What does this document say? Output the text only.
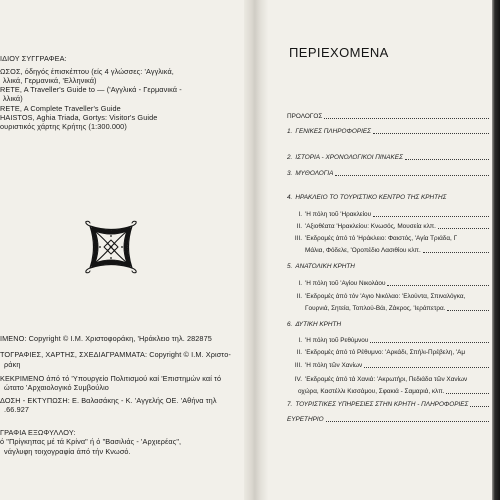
ΙΔΙΟΥ ΣΥΓΓΡΑΦΕΑ:
ΩΣΟΣ, όδηγός έπισκέπτου (είς 4 γλώσσες: 'Αγγλικά,
λλικά, Γερμανικά, 'Ελληνικά)
RETE, A Traveller's Guide to — ('Αγγλικά - Γερμανικά -
λλικά)
RETE, A Complete Traveller's Guide
HAISTOS, Aghia Triada, Gortys: Visitor's Guide
ουριστικός χάρτης Κρήτης (1:300.000)
ΙΜΕΝΟ: Copyright © Ι.Μ. Χριστοφοράκη, 'Ηράκλειο τηλ. 282875
ΤΟΓΡΑΦΙΕΣ, ΧΑΡΤΗΣ, ΣΧΕΔΙΑΓΡΑΜΜΑΤΑ: Copyright © Ι.Μ. Χριστο-
ράκη
ΚΕΚΡΙΜΕΝΟ άπό τό 'Υπουργείο Πολιτισμού καί 'Επιστημών καί τό
ώτατο 'Αρχαιολογικό Συμβούλιο
ΔΟΣΗ - ΕΚΤΥΠΩΣΗ: Ε. Βαλασάκης - Κ. 'Αγγελής ΟΕ. 'Αθήνα τηλ
.66.927
ΓΡΑΦΙΑ ΕΞΩΦΥΛΛΟΥ:
ό "Πρίγκηπας μέ τά Κρίνα" ή ό "Βασιλιάς - 'Αρχιερέας",
νάγλυφη τοιχογραφία άπό τήν Κνωσό.
ΠΕΡΙΕΧΟΜΕΝΑ
ΠΡΟΛΟΓΟΣ
1. ΓΕΝΙΚΕΣ ΠΛΗΡΟΦΟΡΙΕΣ
2. ΙΣΤΟΡΙΑ - ΧΡΟΝΟΛΟΓΙΚΟΙ ΠΙΝΑΚΕΣ
3. ΜΥΘΟΛΟΓΙΑ
4. ΗΡΑΚΛΕΙΟ ΤΟ ΤΟΥΡΙΣΤΙΚΟ ΚΕΝΤΡΟ ΤΗΣ ΚΡΗΤΗΣ
I. 'Η πόλη τοῦ 'Ηρακλείου
II. 'Αξιοθέατα 'Ηρακλείου: Κνωσός, Μουσεία κλπ.
III. 'Εκδρομές άπό τό 'Ηράκλειο: Φαιστός, 'Αγία Τριάδα, Γ
Μάλια, Φόδελε, 'Οροπέδιο Λασιθίου κλπ.
5. ΑΝΑΤΟΛΙΚΗ ΚΡΗΤΗ
I. 'Η πόλη τοῦ 'Αγίου Νικολάου
II. 'Εκδρομές άπό τόν 'Αγιο Νικόλαο: 'Ελούντα, Σπιναλόγκα,
Γουρνιά, Σητεία, Τοπλού-Βάι, Ζάκρος, 'Ιεράπετρα.
6. ΔΥΤΙΚΗ ΚΡΗΤΗ
I. 'Η πόλη τοῦ Ρεθύμνου
II. 'Εκδρομές άπό τό Ρέθυμνο: 'Αρκάδι, Σπήλι-Πρέβελη, 'Αμ
III. 'Η πόλη τῶν Χανίων
IV. 'Εκδρομές άπό τά Χανιά: 'Ακρωτήρι, Πεδιάδα τῶν Χανίων
οχώρα, Καστέλλι Κισσάμου, Σφακιά - Σαμαριά, κλπ.
7. ΤΟΥΡΙΣΤΙΚΕΣ ΥΠΗΡΕΣΙΕΣ ΣΤΗΝ ΚΡΗΤΗ - ΠΛΗΡΟΦΟΡΙΕΣ
ΕΥΡΕΤΗΡΙΟ
